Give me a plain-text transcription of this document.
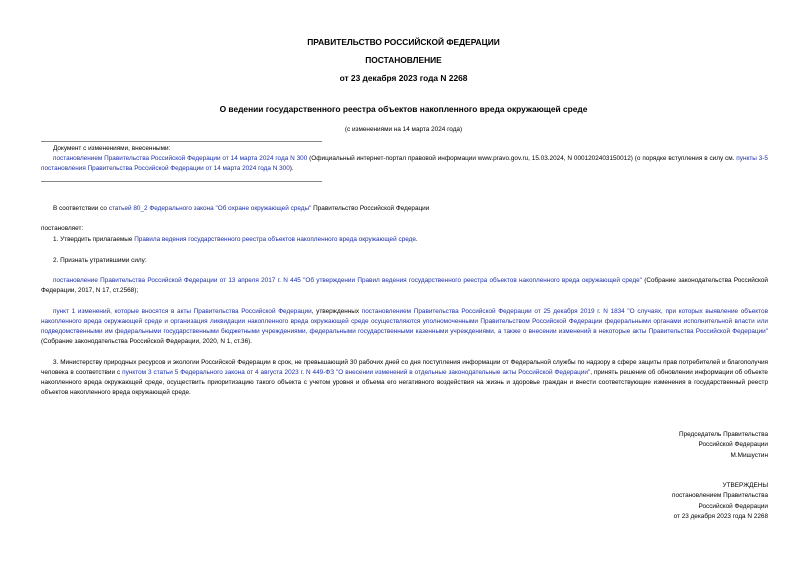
ПРАВИТЕЛЬСТВО РОССИЙСКОЙ ФЕДЕРАЦИИ
ПОСТАНОВЛЕНИЕ
от 23 декабря 2023 года N 2268
О ведении государственного реестра объектов накопленного вреда окружающей среде
(с изменениями на 14 марта 2024 года)
Документ с изменениями, внесенными:
постановлением Правительства Российской Федерации от 14 марта 2024 года N 300 (Официальный интернет-портал правовой информации www.pravo.gov.ru, 15.03.2024, N 0001202403150012) (о порядке вступления в силу см. пункты 3-5 постановления Правительства Российской Федерации от 14 марта 2024 года N 300).
В соответствии со статьей 80_2 Федерального закона "Об охране окружающей среды" Правительство Российской Федерации
постановляет:
1. Утвердить прилагаемые Правила ведения государственного реестра объектов накопленного вреда окружающей среде.
2. Признать утратившими силу:
постановление Правительства Российской Федерации от 13 апреля 2017 г. N 445 "Об утверждении Правил ведения государственного реестра объектов накопленного вреда окружающей среде" (Собрание законодательства Российской Федерации, 2017, N 17, ст.2568);
пункт 1 изменений, которые вносятся в акты Правительства Российской Федерации, утвержденных постановлением Правительства Российской Федерации от 25 декабря 2019 г. N 1834 "О случаях, при которых выявление объектов накопленного вреда окружающей среде и организация ликвидации накопленного вреда окружающей среде осуществляются уполномоченными Правительством Российской Федерации федеральными органами исполнительной власти или подведомственными им федеральными государственными бюджетными учреждениями, федеральными государственными казенными учреждениями, а также о внесении изменений в некоторые акты Правительства Российской Федерации" (Собрание законодательства Российской Федерации, 2020, N 1, ст.36).
3. Министерству природных ресурсов и экологии Российской Федерации в срок, не превышающий 30 рабочих дней со дня поступления информации от Федеральной службы по надзору в сфере защиты прав потребителей и благополучия человека в соответствии с пунктом 3 статьи 5 Федерального закона от 4 августа 2023 г. N 449-ФЗ "О внесении изменений в отдельные законодательные акты Российской Федерации", принять решение об обновлении информации об объекте накопленного вреда окружающей среде, осуществить приоритизацию такого объекта с учетом уровня и объема его негативного воздействия на жизнь и здоровье граждан и внести соответствующие изменения в государственный реестр объектов накопленного вреда окружающей среде.
Председатель Правительства
Российской Федерации
М.Мишустин
УТВЕРЖДЕНЫ
постановлением Правительства
Российской Федерации
от 23 декабря 2023 года N 2268
